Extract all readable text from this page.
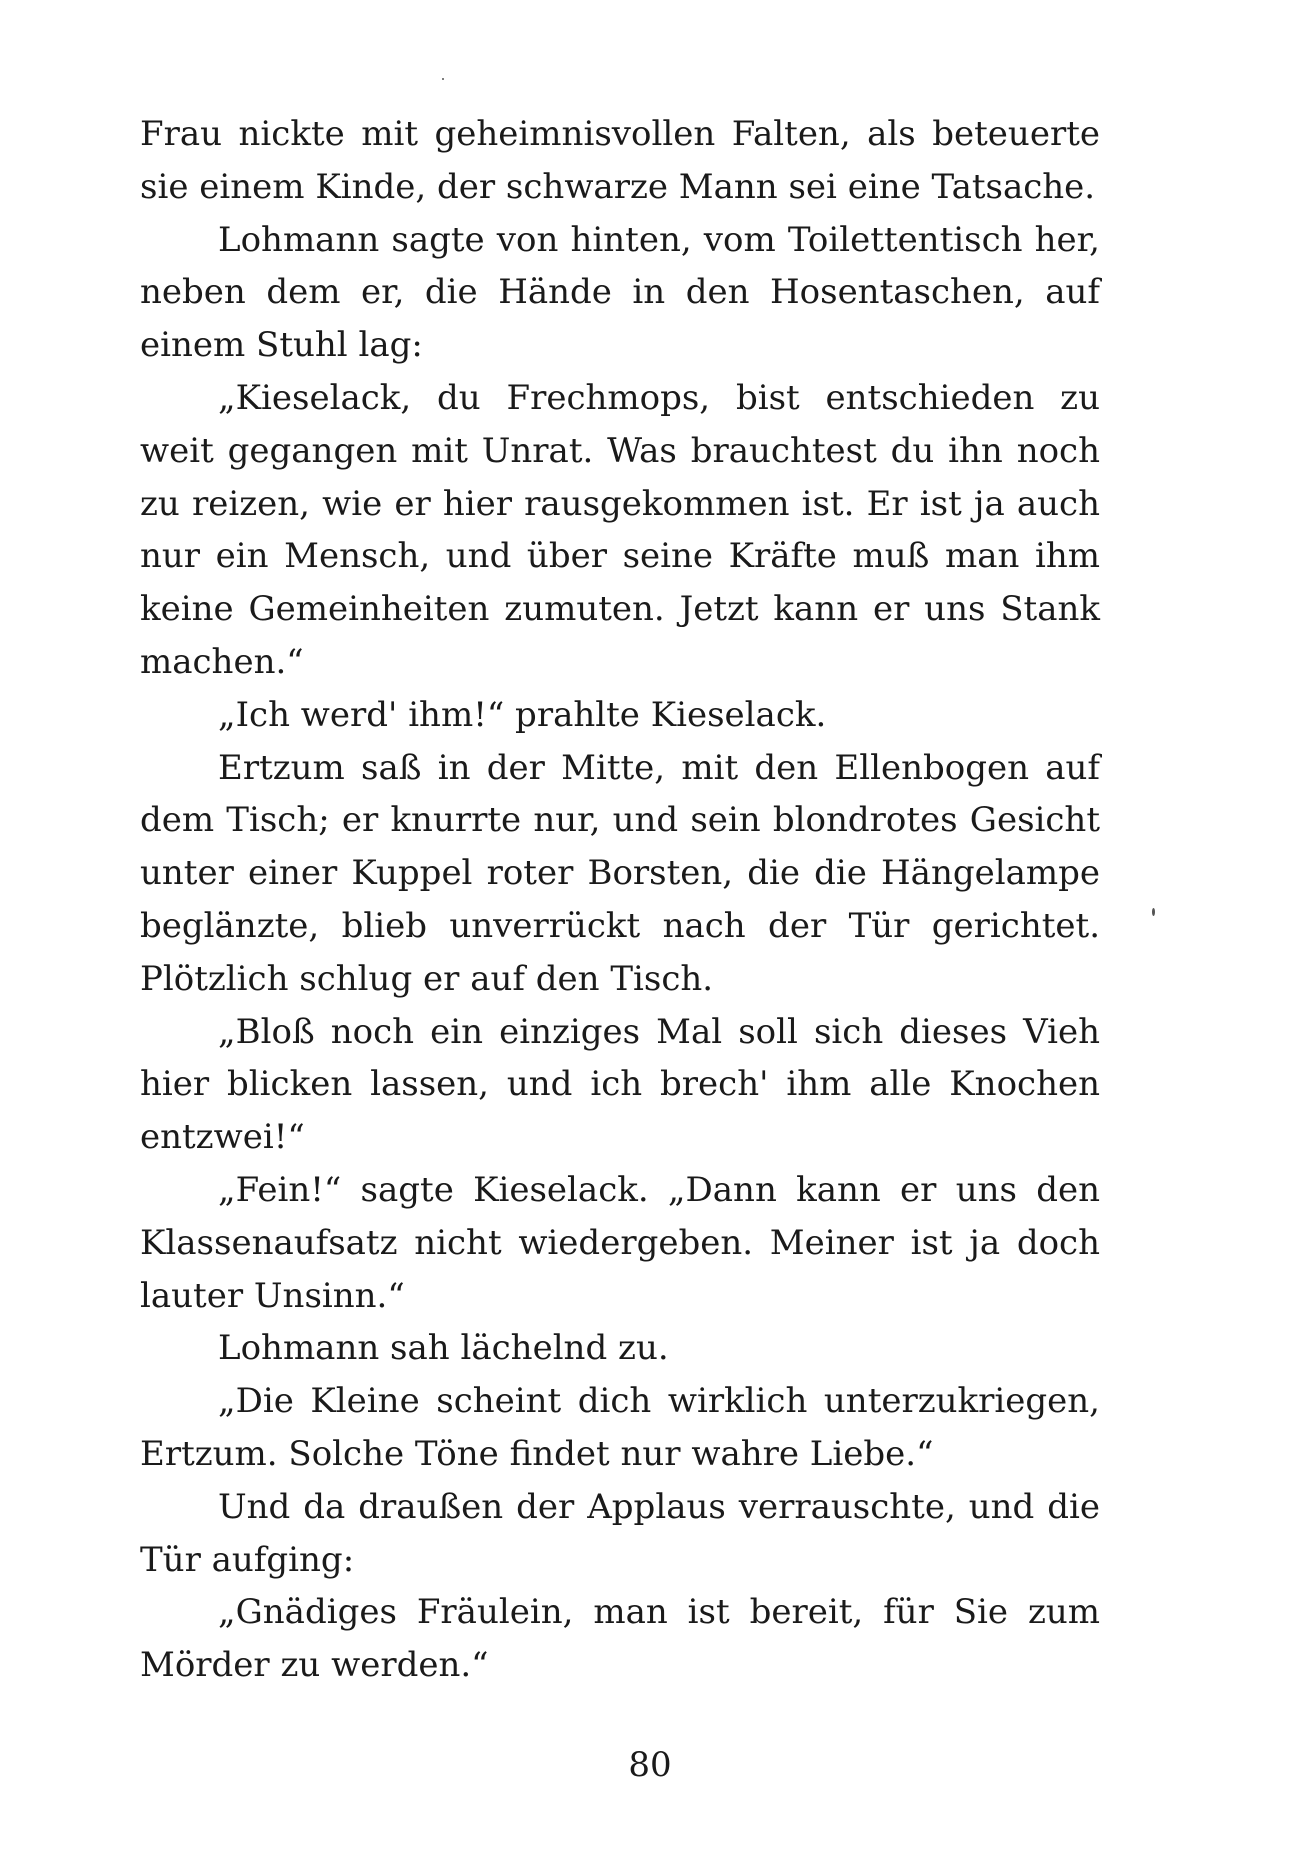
Frau nickte mit geheimnisvollen Falten, als beteuerte sie einem Kinde, der schwarze Mann sei eine Tatsache.

Lohmann sagte von hinten, vom Toilettentisch her, neben dem er, die Hände in den Hosentaschen, auf einem Stuhl lag:

„Kieselack, du Frechmops, bist entschieden zu weit gegangen mit Unrat. Was brauchtest du ihn noch zu reizen, wie er hier rausgekommen ist. Er ist ja auch nur ein Mensch, und über seine Kräfte muß man ihm keine Gemeinheiten zumuten. Jetzt kann er uns Stank machen.“

„Ich werd' ihm!“ prahlte Kieselack.

Ertzum saß in der Mitte, mit den Ellenbogen auf dem Tisch; er knurrte nur, und sein blondrotes Gesicht unter einer Kuppel roter Borsten, die die Hängelampe beglänzte, blieb unverrückt nach der Tür gerichtet. Plötzlich schlug er auf den Tisch.

„Bloß noch ein einziges Mal soll sich dieses Vieh hier blicken lassen, und ich brech' ihm alle Knochen entzwei!“

„Fein!“ sagte Kieselack. „Dann kann er uns den Klassenaufsatz nicht wiedergeben. Meiner ist ja doch lauter Unsinn.“

Lohmann sah lächelnd zu.

„Die Kleine scheint dich wirklich unterzukriegen, Ertzum. Solche Töne findet nur wahre Liebe.“

Und da draußen der Applaus verrauschte, und die Tür aufging:

„Gnädiges Fräulein, man ist bereit, für Sie zum Mörder zu werden.“

80
